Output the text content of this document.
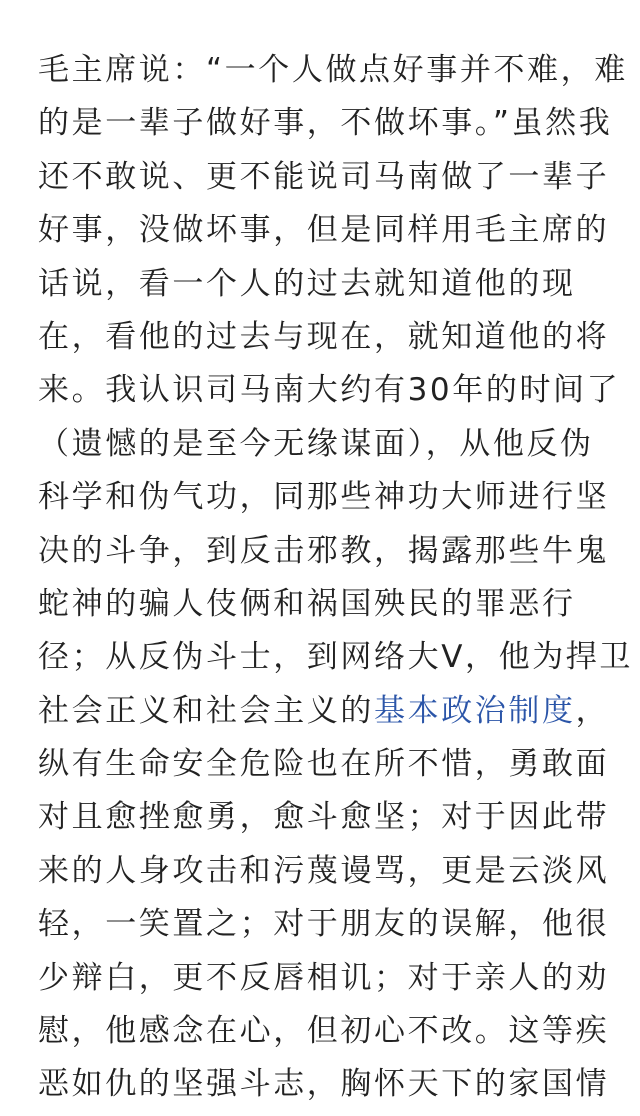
毛主席说：“一个人做点好事并不难，难
的是一辈子做好事，不做坏事。”虽然我
还不敢说、更不能说司马南做了一辈子
好事，没做坏事，但是同样用毛主席的
话说，看一个人的过去就知道他的现
在，看他的过去与现在，就知道他的将
来。我认识司马南大约有30年的时间了
（遗憾的是至今无缘谋面），从他反伪
科学和伪气功，同那些神功大师进行坚
决的斗争，到反击邪教，揭露那些牛鬼
蛇神的骗人伎俩和祸国殃民的罪恶行
径；从反伪斗士，到网络大V，他为捍卫
社会正义和社会主义的基本政治制度，
纵有生命安全危险也在所不惜，勇敢面
对且愈挫愈勇，愈斗愈坚；对于因此带
来的人身攻击和污蔑谩骂，更是云淡风
轻，一笑置之；对于朋友的误解，他很
少辩白，更不反唇相讥；对于亲人的劝
慰，他感念在心，但初心不改。这等疾
恶如仇的坚强斗志，胸怀天下的家国情
